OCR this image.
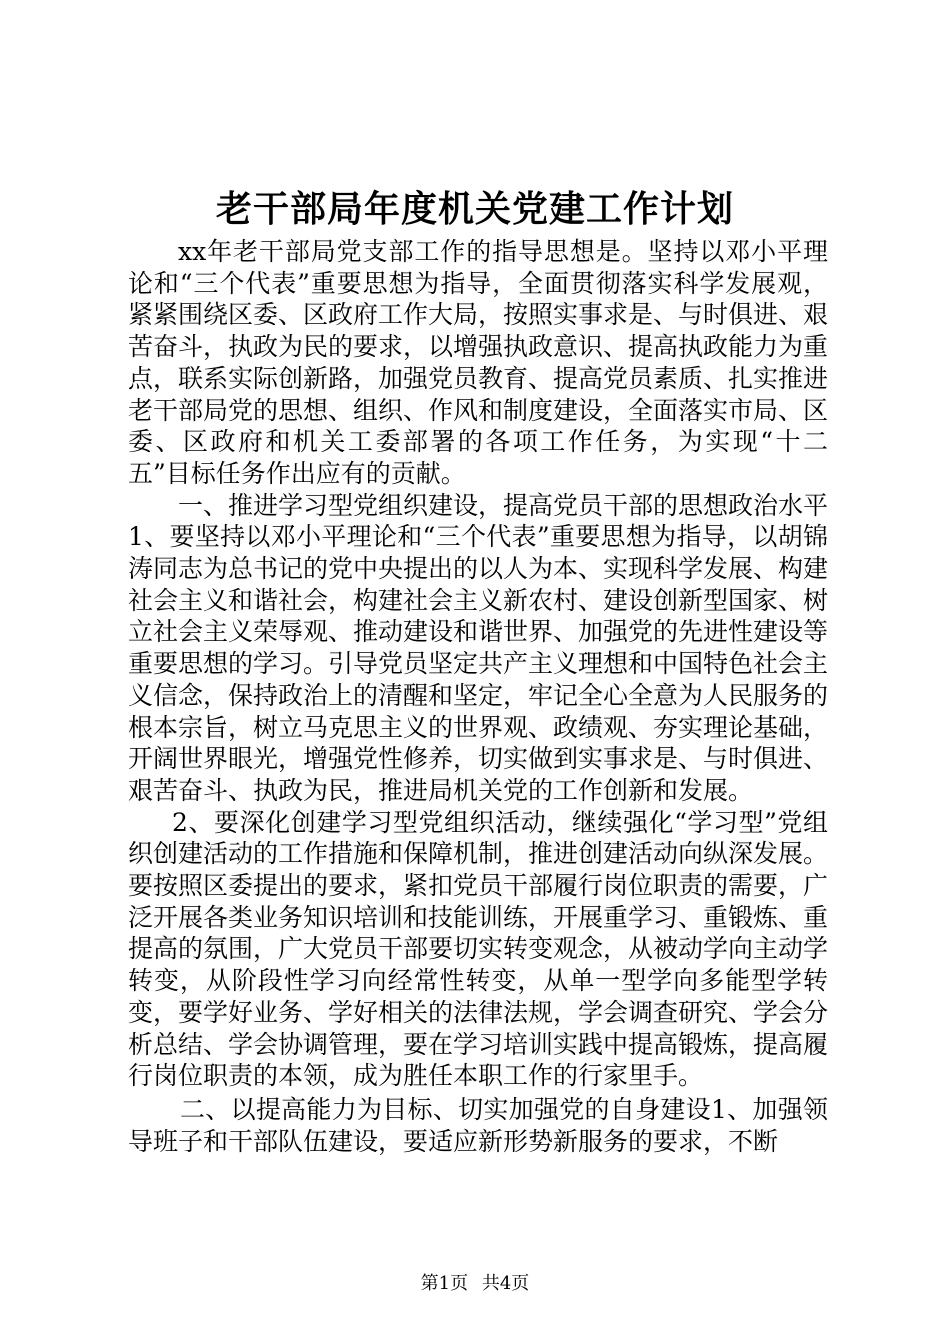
老干部局年度机关党建工作计划

xx年老干部局党支部工作的指导思想是。坚持以邓小平理论和“三个代表”重要思想为指导，全面贯彻落实科学发展观，紧紧围绕区委、区政府工作大局，按照实事求是、与时俱进、艰苦奋斗，执政为民的要求，以增强执政意识、提高执政能力为重点，联系实际创新路，加强党员教育、提高党员素质、扎实推进老干部局党的思想、组织、作风和制度建设，全面落实市局、区委、区政府和机关工委部署的各项工作任务，为实现“十二五”目标任务作出应有的贡献。

一、推进学习型党组织建设，提高党员干部的思想政治水平1、要坚持以邓小平理论和“三个代表”重要思想为指导，以胡锦涛同志为总书记的党中央提出的以人为本、实现科学发展、构建社会主义和谐社会，构建社会主义新农村、建设创新型国家、树立社会主义荣辱观、推动建设和谐世界、加强党的先进性建设等重要思想的学习。引导党员坚定共产主义理想和中国特色社会主义信念，保持政治上的清醒和坚定，牢记全心全意为人民服务的根本宗旨，树立马克思主义的世界观、政绩观、夯实理论基础，开阔世界眼光，增强党性修养，切实做到实事求是、与时俱进、艰苦奋斗、执政为民，推进局机关党的工作创新和发展。

2、要深化创建学习型党组织活动，继续强化“学习型”党组织创建活动的工作措施和保障机制，推进创建活动向纵深发展。要按照区委提出的要求，紧扣党员干部履行岗位职责的需要，广泛开展各类业务知识培训和技能训练，开展重学习、重锻炼、重提高的氛围，广大党员干部要切实转变观念，从被动学向主动学转变，从阶段性学习向经常性转变，从单一型学向多能型学转变，要学好业务、学好相关的法律法规，学会调查研究、学会分析总结、学会协调管理，要在学习培训实践中提高锻炼，提高履行岗位职责的本领，成为胜任本职工作的行家里手。

二、以提高能力为目标、切实加强党的自身建设1、加强领导班子和干部队伍建设，要适应新形势新服务的要求，不断

第1页 共4页
